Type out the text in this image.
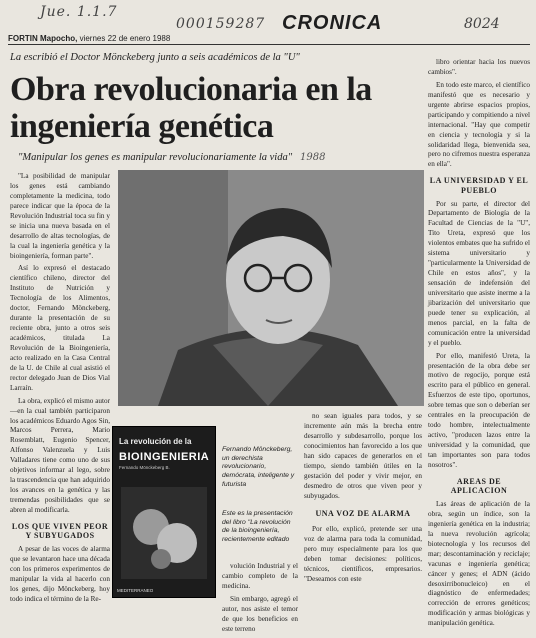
Jue. 1.1.7
000159287 CRONICA	8024
FORTIN Mapocho, viernes 22 de enero 1988
La escribió el Doctor Mönckeberg junto a seis académicos de la "U"
Obra revolucionaria en la ingeniería genética
"Manipular los genes es manipular revolucionariamente la vida" 1988

"La posibilidad de manipular los genes está cambiando completamente la medicina, todo parece indicar que la época de la Revolución Industrial toca su fin y se inicia una nueva basada en el desarrollo de altas tecnologías, de la cual la ingeniería genética y la bioingeniería, forman parte".

Así lo expresó el destacado científico chileno, director del Instituto de Nutrición y Tecnología de los Alimentos, doctor, Fernando Mönckeberg, durante la presentación de su reciente obra, junto a otros seis académicos, titulada La Revolución de la Bioingeniería, acto realizado en la Casa Central de la U. de Chile al cual asistió el rector delegado Juan de Dios Vial Larraín.

La obra, explicó el mismo autor —en la cual también participaron los académicos Eduardo Agos Sin, Marcos Perrera, Mario Rosemblatt, Eugenio Spencer, Alfonso Valenzuela y Luis Valladares tiene como uno de sus objetivos informar al lego, sobre la trascendencia que han adquirido los avances en la genética y las tremendas posibilidades que se abren al modificarla.

LOS QUE VIVEN PEOR Y SUBYUGADOS

A pesar de las voces de alarma que se levantaron hace una década con los primeros experimentos de manipular la vida al hacerlo con los genes, dijo Mönckeberg, hoy todo indica el término de la Re-

La revolución de la
BIOINGENIERIA
Fernando Mönckeberg B.
MEDITERRANEO
Fernando Mönckeberg, un derechista revolucionario, demócrata, inteligente y futurista
Este es la presentación del libro "La revolución de la bioingeniería, recientemente editado

volución Industrial y el cambio completo de la medicina.

Sin embargo, agregó el autor, nos asiste el temor de que los beneficios en este terreno

no sean iguales para todos, y se incremente aún más la brecha entre desarrollo y subdesarrollo, porque los conocimientos han favorecido a los que han sido capaces de generarlos en el tiempo, siendo también útiles en la gestación del poder y vivir mejor, en desmedro de otros que viven peor y subyugados.

UNA VOZ DE ALARMA

Por ello, explicó, pretende ser una voz de alarma para toda la comunidad, pero muy especialmente para los que deben tomar decisiones: políticos, técnicos, científicos, empresarios. "Deseamos con este

libro orientar hacia los nuevos cambios".

En todo este marco, el científico manifestó que es necesario y urgente abrirse espacios propios, participando y compitiendo a nivel internacional. "Hay que competir en ciencia y tecnología y si la solidaridad llega, bienvenida sea, pero no cifremos nuestra esperanza en ella".

LA UNIVERSIDAD Y EL PUEBLO

Por su parte, el director del Departamento de Biología de la Facultad de Ciencias de la "U", Tito Ureta, expresó que los violentos embates que ha sufrido el sistema universitario y "particularmente la Universidad de Chile en estos años", y la sensación de indefensión del universitario que asiste inerme a la jibarización del universitario que puede tener su explicación, al menos parcial, en la falta de comunicación entre la universidad y el pueblo.

Por ello, manifestó Ureta, la presentación de la obra debe ser motivo de regocijo, porque está escrito para el público en general. Esfuerzos de este tipo, oportunos, sobre temas que son o deberían ser centrales en la preocupación de todo hombre, intelectualmente activo, "producen lazos entre la universidad y la comunidad, que tan importantes son para todos nosotros".

AREAS DE APLICACION

Las áreas de aplicación de la obra, según un índice, son la ingeniería genética en la industria; la nueva revolución agrícola; biotecnología y los recursos del mar; descontaminación y reciclaje; vacunas e ingeniería genética; cáncer y genes; el ADN (ácido desoxirribonucleico) en el diagnóstico de enfermedades; corrección de errores genéticos; modificación y armas biológicas y manipulación genética.
